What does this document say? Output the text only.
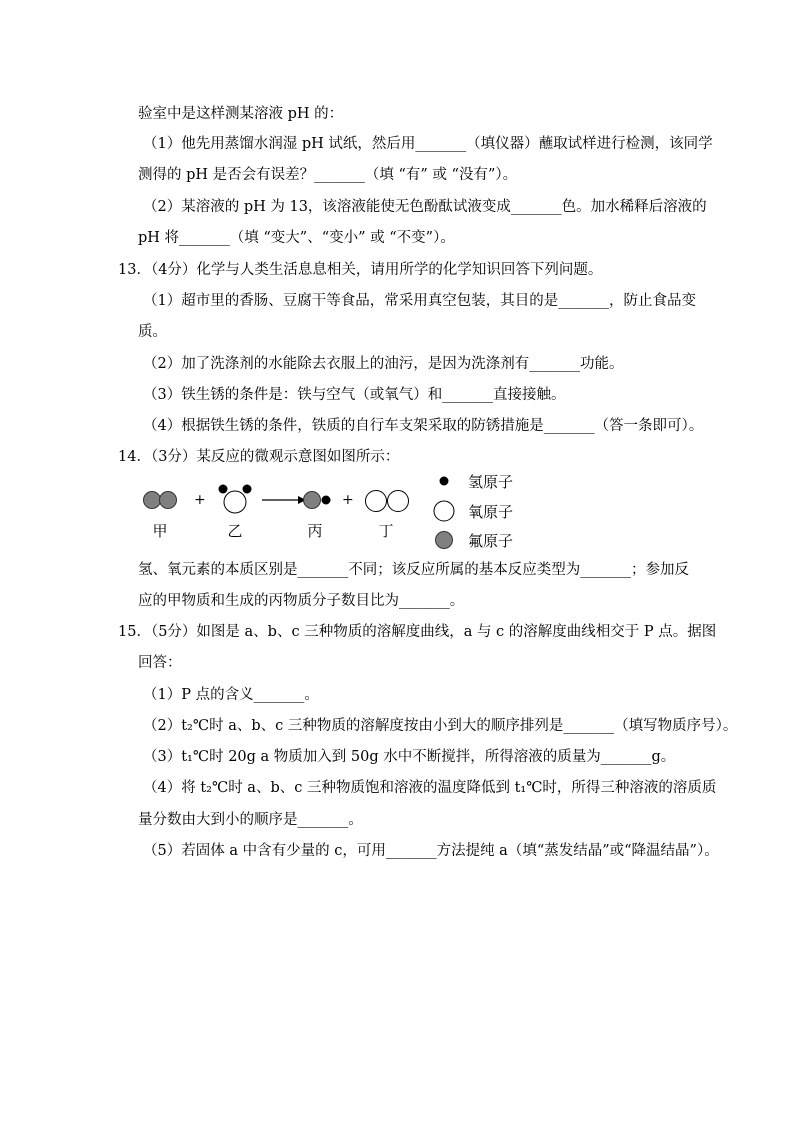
验室中是这样测某溶液 pH 的：
（1）他先用蒸馏水润湿 pH 试纸，然后用_______（填仪器）蘸取试样进行检测，该同学
测得的 pH 是否会有误差？_______（填 “有” 或 “没有”）。
（2）某溶液的 pH 为 13，该溶液能使无色酚酞试液变成_______色。加水稀释后溶液的
pH 将_______（填 “变大”、“变小” 或 “不变”）。
13．（4分）化学与人类生活息息相关，请用所学的化学知识回答下列问题。
（1）超市里的香肠、豆腐干等食品，常采用真空包装，其目的是_______，防止食品变
质。
（2）加了洗涤剂的水能除去衣服上的油污，是因为洗涤剂有_______功能。
（3）铁生锈的条件是：铁与空气（或氧气）和_______直接接触。
（4）根据铁生锈的条件，铁质的自行车支架采取的防锈措施是_______（答一条即可）。
14．（3分）某反应的微观示意图如图所示：
+	+
甲	乙	丙	丁
氢原子
氧原子
氟原子
氢、氧元素的本质区别是_______不同；该反应所属的基本反应类型为_______；参加反
应的甲物质和生成的丙物质分子数目比为_______。
15．（5分）如图是 a、b、c 三种物质的溶解度曲线，a 与 c 的溶解度曲线相交于 P 点。据图
回答：
（1）P 点的含义_______。
（2）t₂℃时 a、b、c 三种物质的溶解度按由小到大的顺序排列是_______（填写物质序号）。
（3）t₁℃时 20g a 物质加入到 50g 水中不断搅拌，所得溶液的质量为_______g。
（4）将 t₂℃时 a、b、c 三种物质饱和溶液的温度降低到 t₁℃时，所得三种溶液的溶质质
量分数由大到小的顺序是_______。
（5）若固体 a 中含有少量的 c，可用_______方法提纯 a（填“蒸发结晶”或“降温结晶”）。
